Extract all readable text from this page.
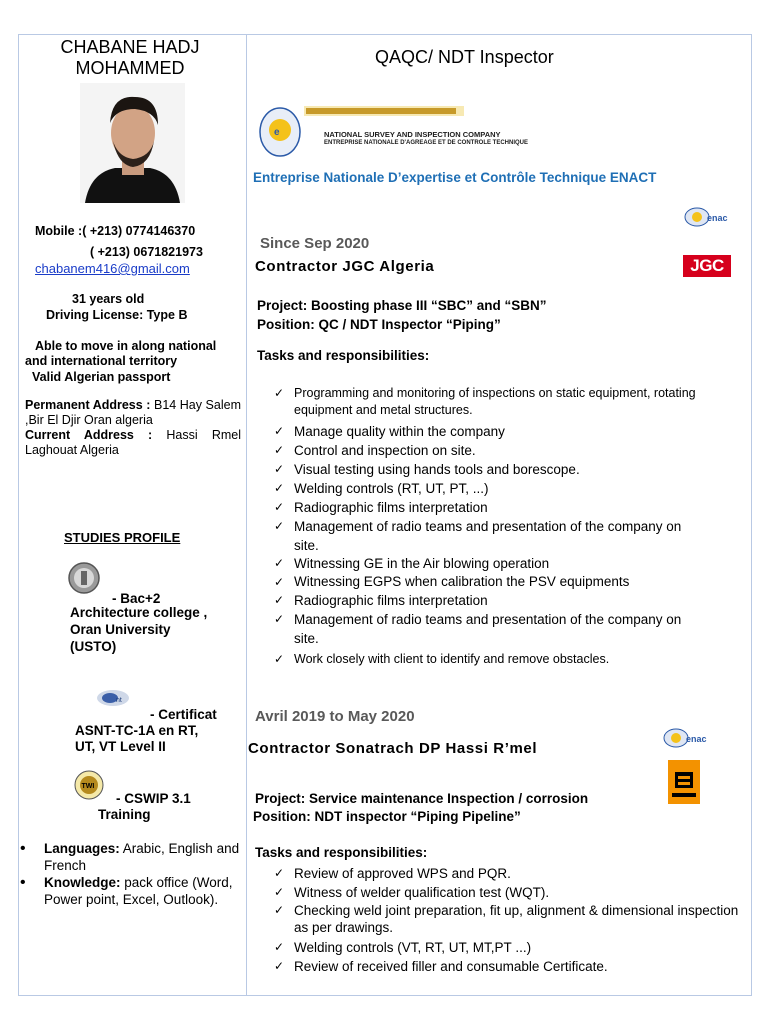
CHABANE HADJ MOHAMMED
Mobile :( +213) 0774146370
( +213) 0671821973
chabanem416@gmail.com
31 years old
Driving License: Type B
Able to move in along national
and international territory
Valid Algerian passport
Permanent Address : B14 Hay Salem ,Bir El Djir Oran algeria
Current Address : Hassi Rmel Laghouat Algeria
STUDIES PROFILE
- Bac+2
Architecture college ,
Oran University
(USTO)
nt
- Certificat
ASNT-TC-1A en RT,
UT, VT Level II
TWI
- CSWIP 3.1
Training
• Languages: Arabic, English and French
• Knowledge: pack office (Word, Power point, Excel, Outlook).
QAQC/ NDT Inspector
e	NATIONAL SURVEY AND INSPECTION COMPANY
ENTREPRISE NATIONALE D'AGREAGE ET DE CONTROLE TECHNIQUE
Entreprise Nationale D’expertise et Contrôle Technique ENACT
enac
Since Sep 2020
Contractor JGC Algeria	JGC
Project: Boosting phase III “SBC” and “SBN”
Position: QC / NDT Inspector “Piping”
Tasks and responsibilities:
✓ Programming and monitoring of inspections on static equipment, rotating equipment and metal structures.
✓ Manage quality within the company
✓ Control and inspection on site.
✓ Visual testing using hands tools and borescope.
✓ Welding controls (RT, UT, PT, ...)
✓ Radiographic films interpretation
✓ Management of radio teams and presentation of the company on site.
✓ Witnessing GE in the Air blowing operation
✓ Witnessing EGPS when calibration the PSV equipments
✓ Radiographic films interpretation
✓ Management of radio teams and presentation of the company on site.
✓ Work closely with client to identify and remove obstacles.
Avril 2019 to May 2020
Contractor Sonatrach DP Hassi R’mel
enac
Project: Service maintenance Inspection / corrosion
Position: NDT inspector “Piping Pipeline”
Tasks and responsibilities:
✓ Review of approved WPS and PQR.
✓ Witness of welder qualification test (WQT).
✓ Checking weld joint preparation, fit up, alignment & dimensional inspection as per drawings.
✓ Welding controls (VT, RT, UT, MT,PT ...)
✓ Review of received filler and consumable Certificate.
